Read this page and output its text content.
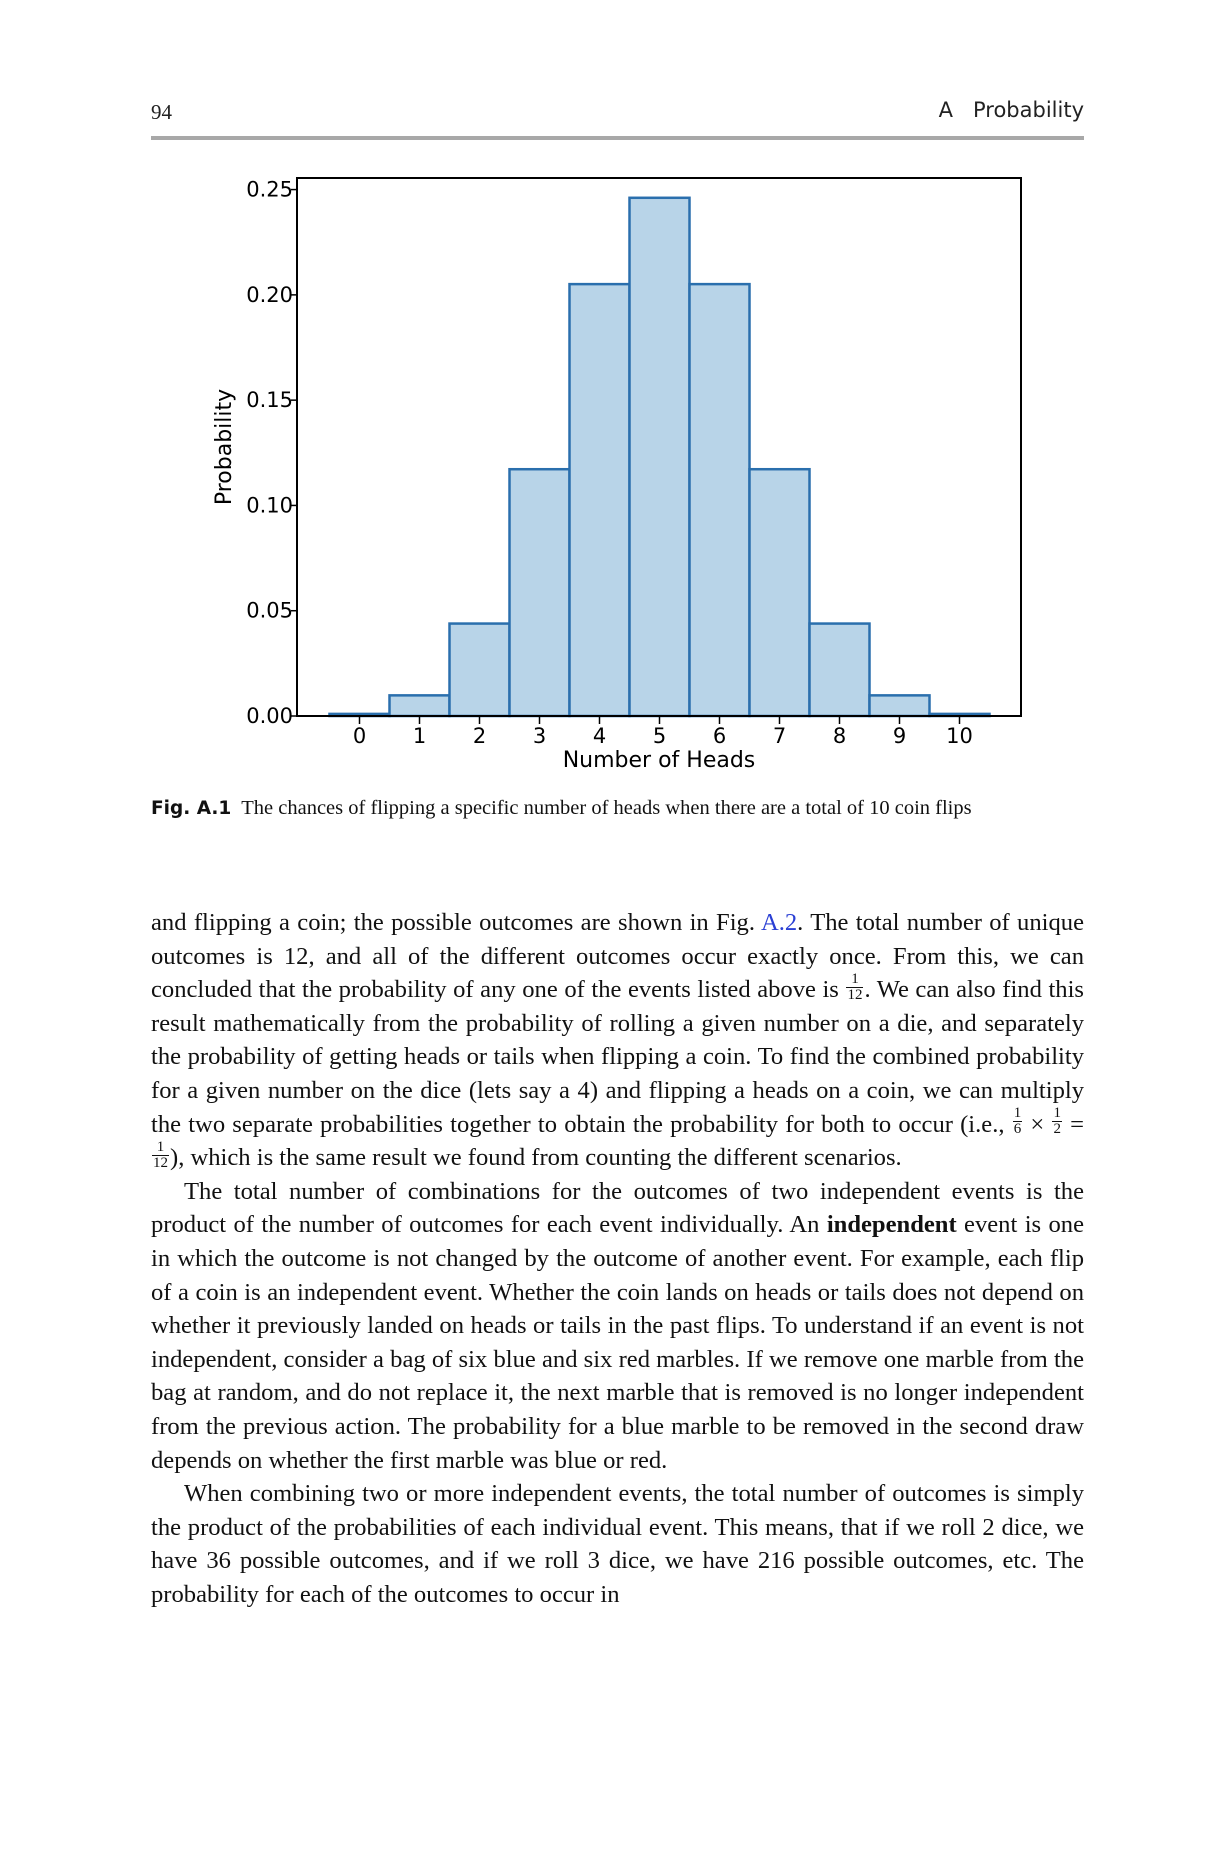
94	A   Probability
0.00
0.05
0.10
0.15
0.20
0.25
0 1 2 3 4 5 6 7 8 9 10
Number of Heads
Probability
Fig. A.1 The chances of flipping a specific number of heads when there are a total of 10 coin flips

and flipping a coin; the possible outcomes are shown in Fig. A.2. The total number of unique outcomes is 12, and all of the different outcomes occur exactly once. From this, we can concluded that the probability of any one of the events listed above is $\frac{1}{12}$ . We can also find this result mathematically from the probability of rolling a given number on a die, and separately the probability of getting heads or tails when flipping a coin. To find the combined probability for a given number on the dice (lets say a 4) and flipping a heads on a coin, we can multiply the two separate probabilities together to obtain the probability for both to occur (i.e., $\frac{1}{6} \times \frac{1}{2}$ =
$\frac{1}{12}$ ), which is the same result we found from counting the different scenarios.

The total number of combinations for the outcomes of two independent events is the product of the number of outcomes for each event individually. An independent event is one in which the outcome is not changed by the outcome of another event. For example, each flip of a coin is an independent event. Whether the coin lands on heads or tails does not depend on whether it previously landed on heads or tails in the past flips. To understand if an event is not independent, consider a bag of six blue and six red marbles. If we remove one marble from the bag at random, and do not replace it, the next marble that is removed is no longer independent from the previous action. The probability for a blue marble to be removed in the second draw depends on whether the first marble was blue or red.

When combining two or more independent events, the total number of outcomes is simply the product of the probabilities of each individual event. This means, that if we roll 2 dice, we have 36 possible outcomes, and if we roll 3 dice, we have 216 possible outcomes, etc. The probability for each of the outcomes to occur in
